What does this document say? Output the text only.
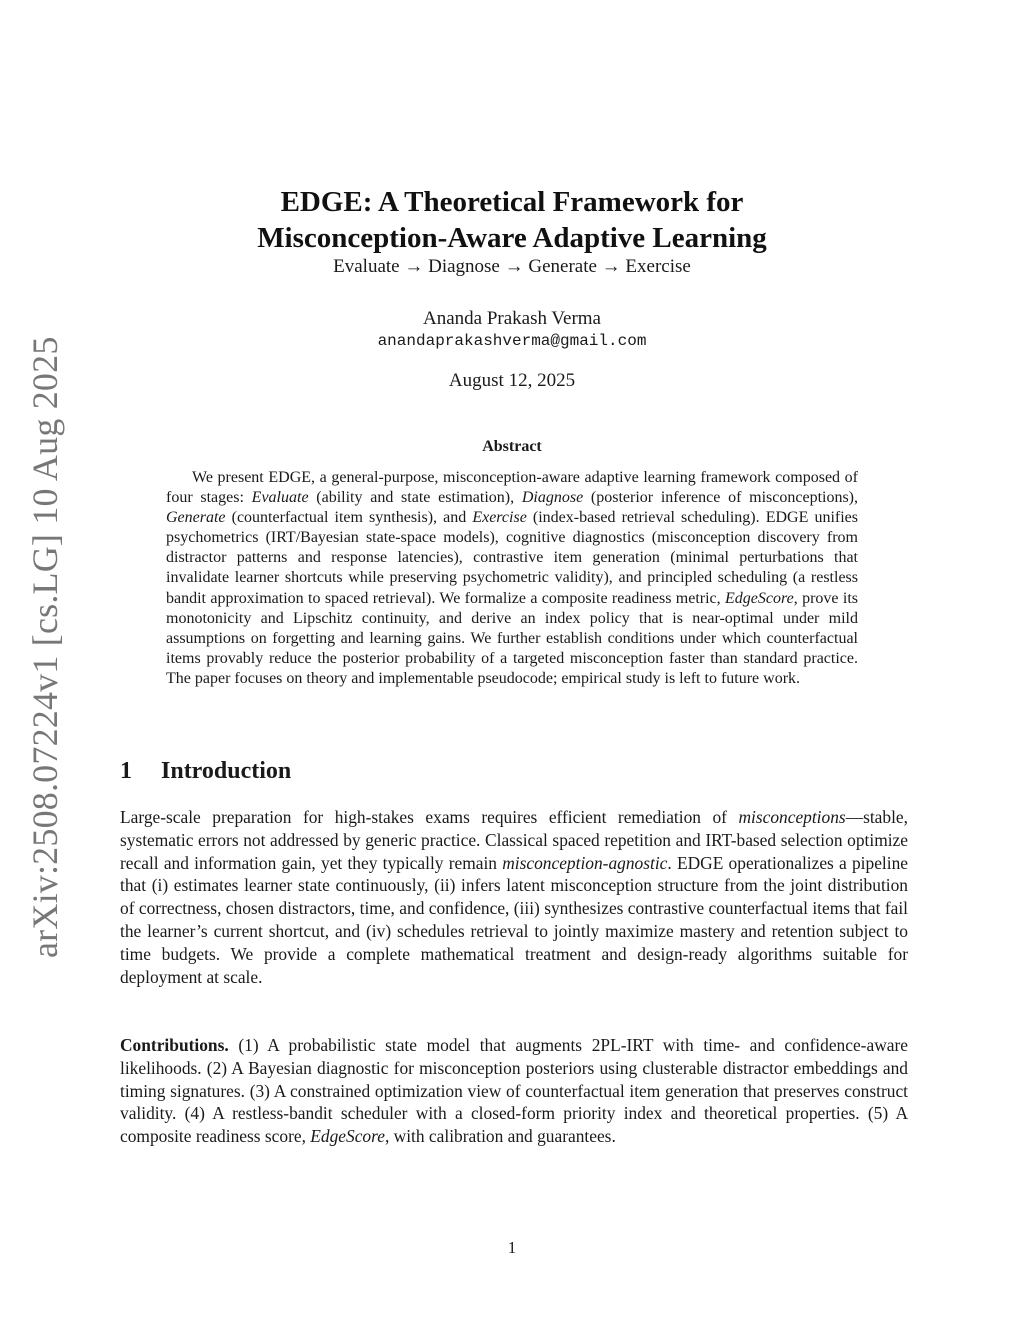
arXiv:2508.07224v1 [cs.LG] 10 Aug 2025
EDGE: A Theoretical Framework for
Misconception-Aware Adaptive Learning
Evaluate → Diagnose → Generate → Exercise
Ananda Prakash Verma
anandaprakashverma@gmail.com
August 12, 2025
Abstract

We present EDGE, a general-purpose, misconception-aware adaptive learning framework composed of four stages: Evaluate (ability and state estimation), Diagnose (posterior inference of misconceptions), Generate (counterfactual item synthesis), and Exercise (index-based retrieval scheduling). EDGE unifies psychometrics (IRT/Bayesian state-space models), cognitive diagnostics (misconception discovery from distractor patterns and response latencies), contrastive item generation (minimal perturbations that invalidate learner shortcuts while preserving psychometric validity), and principled scheduling (a restless bandit approximation to spaced retrieval). We formalize a composite readiness metric, EdgeScore, prove its monotonicity and Lipschitz continuity, and derive an index policy that is near-optimal under mild assumptions on forgetting and learning gains. We further establish conditions under which counterfactual items provably reduce the posterior probability of a targeted misconception faster than standard practice. The paper focuses on theory and implementable pseudocode; empirical study is left to future work.

1 Introduction

Large-scale preparation for high-stakes exams requires efficient remediation of misconceptions—stable, systematic errors not addressed by generic practice. Classical spaced repetition and IRT-based selection optimize recall and information gain, yet they typically remain misconception-agnostic. EDGE operationalizes a pipeline that (i) estimates learner state continuously, (ii) infers latent misconception structure from the joint distribution of correctness, chosen distractors, time, and confidence, (iii) synthesizes contrastive counterfactual items that fail the learner’s current shortcut, and (iv) schedules retrieval to jointly maximize mastery and retention subject to time budgets. We provide a complete mathematical treatment and design-ready algorithms suitable for deployment at scale.

Contributions. (1) A probabilistic state model that augments 2PL-IRT with time- and confidence-aware likelihoods. (2) A Bayesian diagnostic for misconception posteriors using clusterable distractor embeddings and timing signatures. (3) A constrained optimization view of counterfactual item generation that preserves construct validity. (4) A restless-bandit scheduler with a closed-form priority index and theoretical properties. (5) A composite readiness score, EdgeScore, with calibration and guarantees.

1
